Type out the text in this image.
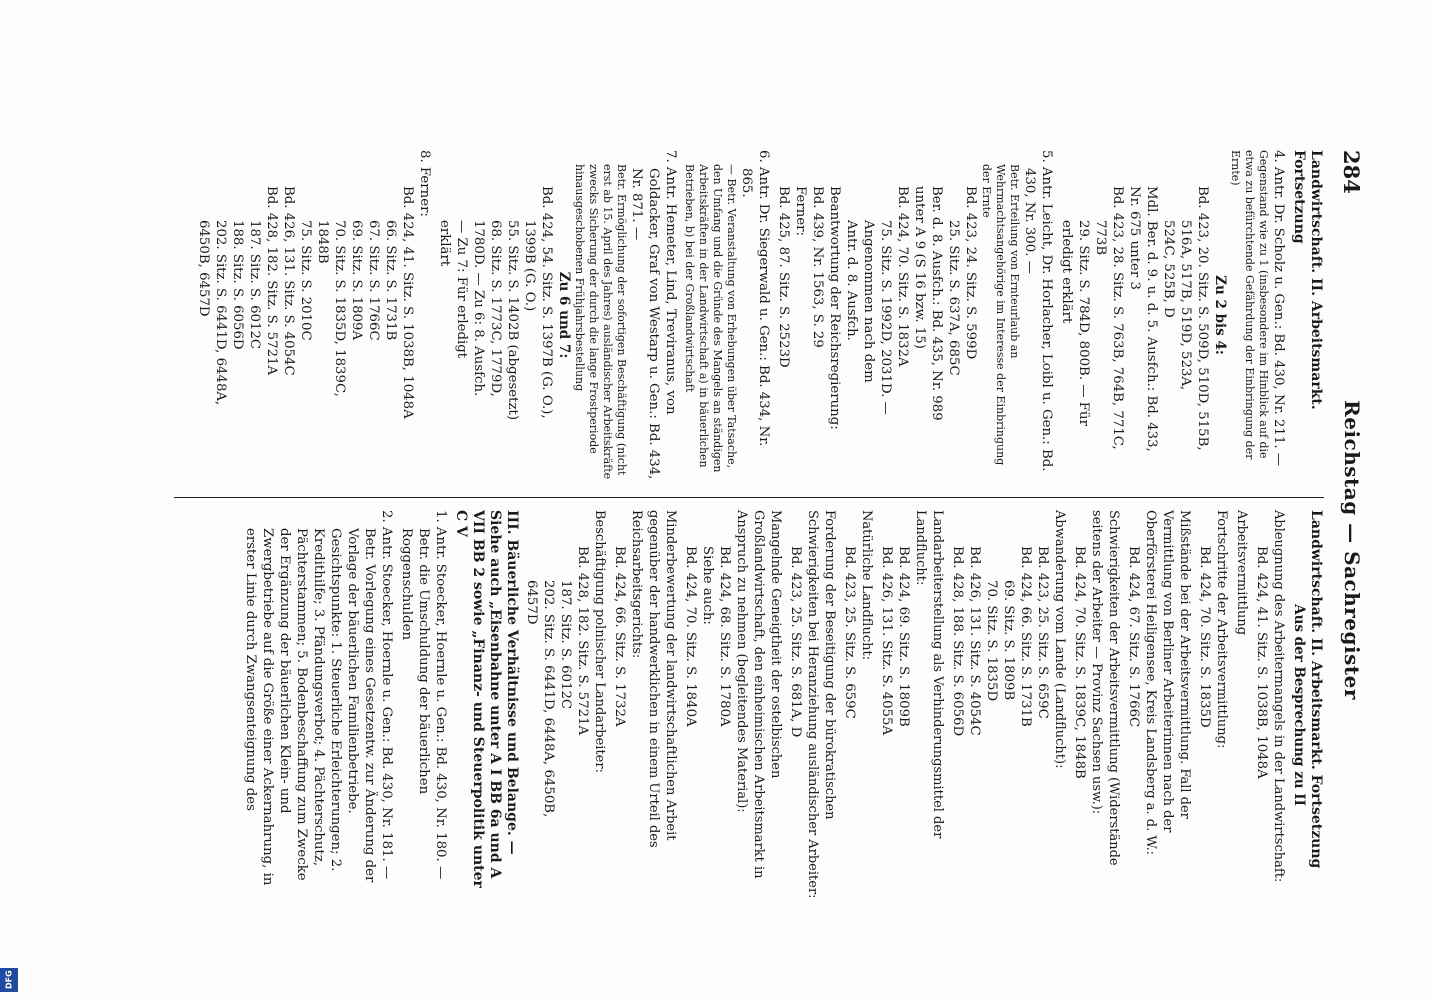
284
Reichstag — Sachregister
Landwirtschaft. II. Arbeitsmarkt. Fortsetzung
4. Antr. Dr. Scholz u. Gen.: Bd. 430, Nr. 211. —
Gegenstand wie zu 1 (insbesondere im Hinblick auf die etwa zu befürchtende Gefährdung der Einbringung der Ernte)
Zu 2 bis 4:
Bd. 423, 20. Sitz. S. 509D, 510D, 515B,
516A, 517B, 519D, 523A,
524C, 525B, D
Mdl. Ber. d. 9. u. d. 5. Ausfch.: Bd. 433,
Nr. 675 unter 3
Bd. 423, 28. Sitz. S. 763B, 764B, 771C,
773B
29. Sitz. S. 784D, 800B. — Für
erledigt erklärt
5. Antr. Leicht, Dr. Horlacher, Loibl u. Gen.: Bd. 430, Nr. 300. —
Betr. Erteilung von Ernteurlaub an Wehrmachtsangehörige im Interesse der Einbringung der Ernte
Bd. 423, 24. Sitz. S. 599D
25. Sitz. S. 637A, 685C
Ber. d. 8. Ausfch.: Bd. 435, Nr. 989
unter A 9 (S 16 bzw. 15)
Bd. 424, 70. Sitz. S. 1832A
75. Sitz. S. 1992D, 2031D. —
Angenommen nach dem
Antr. d. 8. Ausfch.
Beantwortung der Reichsregierung:
Bd. 439, Nr. 1563, S. 29
Ferner:
Bd. 425, 87. Sitz. S. 2523D
6. Antr. Dr. Siegerwald u. Gen.: Bd. 434, Nr. 865.
— Betr. Veranstaltung von Erhebungen über Tatsache, den Umfang und die Gründe des Mangels an ständigen Arbeitskräften in der Landwirtschaft a) in bäuerlichen Betrieben, b) bei der Großlandwirtschaft
7. Antr. Hemeter, Lind, Treviranus, von Goldacker, Graf von Westarp u. Gen.: Bd. 434, Nr. 871. —
Betr. Ermöglichung der sofortigen Beschäftigung (nicht erst ab 15. April des Jahres) ausländischer Arbeitskräfte zwecks Sicherung der durch die lange Frostperiode hinausgeschobenen Frühjahrsbestellung
Zu 6 und 7:
Bd. 424, 54. Sitz. S. 1397B (G. O.),
1399B (G. O.)
55. Sitz. S. 1402B (abgesetzt)
68. Sitz. S. 1773C, 1779D,
1780D. — Zu 6: 8. Ausfch.
— Zu 7: Für erledigt
erklärt
8. Ferner:
Bd. 424, 41. Sitz. S. 1038B, 1048A
66. Sitz. S. 1731B
67. Sitz. S. 1766C
69. Sitz. S. 1809A
70. Sitz. S. 1835D, 1839C,
1848B
75. Sitz. S. 2010C
Bd. 426, 131. Sitz. S. 4054C
Bd. 428, 182. Sitz. S. 5721A
187. Sitz. S. 6012C
188. Sitz. S. 6056D
202. Sitz. S. 6441D, 6448A,
6450B, 6457D
Landwirtschaft. II. Arbeitsmarkt. Fortsetzung
Aus der Besprechung zu II
Ableugnung des Arbeitermangels in der Landwirtschaft:
Bd. 424, 41. Sitz. S. 1038B, 1048A
Arbeitsvermittlung
Fortschritte der Arbeitsvermittlung:
Bd. 424, 70. Sitz. S. 1835D
Mißstände bei der Arbeitsvermittlung. Fall der Vermittlung von Berliner Arbeiterinnen nach der Oberförsterei Heiligensee, Kreis Landsberg a. d. W.:
Bd. 424, 67. Sitz. S. 1766C
Schwierigkeiten der Arbeitsvermittlung (Widerstände seitens der Arbeiter — Provinz Sachsen usw.):
Bd. 424, 70. Sitz. S. 1839C, 1848B
Abwanderung vom Lande (Landflucht):
Bd. 423, 25. Sitz. S. 659C
Bd. 424, 66. Sitz. S. 1731B
69. Sitz. S. 1809B
70. Sitz. S. 1835D
Bd. 426, 131. Sitz. S. 4054C
Bd. 428, 188. Sitz. S. 6056D
Landarbeiterstellung als Verhinderungsmittel der Landflucht:
Bd. 424, 69. Sitz. S. 1809B
Bd. 426, 131. Sitz. S. 4055A
Natürliche Landflucht:
Bd. 423, 25. Sitz. S. 659C
Forderung der Beseitigung der bürokratischen Schwierigkeiten bei Heranziehung ausländischer Arbeiter:
Bd. 423, 25. Sitz. S. 681A, D
Mangelnde Geneigtheit der ostelbischen Großlandwirtschaft, den einheimischen Arbeitsmarkt in Anspruch zu nehmen (begleitendes Material):
Bd. 424, 68. Sitz. S. 1780A
Siehe auch:
Bd. 424, 70. Sitz. S. 1840A
Minderbewertung der landwirtschaftlichen Arbeit gegenüber der handwerklichen in einem Urteil des Reichsarbeitsgerichts:
Bd. 424, 66. Sitz. S. 1732A
Beschäftigung polnischer Landarbeiter:
Bd. 428, 182. Sitz. S. 5721A
187. Sitz. S. 6012C
202. Sitz. S. 6441D, 6448A, 6450B,
6457D
III. Bäuerliche Verhältnisse und Belange. — Siehe auch „Eisenbahne unter A I BB 6a und A VII BB 2 sowie „Finanz- und Steuerpolitik unter C V
1. Antr. Stoecker, Hoernle u. Gen.: Bd. 430, Nr. 180. — Betr. die Umschuldung der bäuerlichen Roggenschulden
2. Antr. Stoecker, Hoernle u. Gen.: Bd. 430, Nr. 181. — Betr. Vorlegung eines Gesetzentw. zur Änderung der Vorlage der bäuerlichen Familienbetriebe. Gesichtspunkte: 1. Steuerliche Erleichterungen; 2. Kredithilfe; 3. Pfändungsverbot; 4. Pächterschutz, Pächterstammen; 5. Bodenbeschaffung zum Zwecke der Ergänzung der bäuerlichen Klein- und Zwergbetriebe auf die Größe einer Ackernahrung, in erster Linie durch Zwangsenteignung des
DFG
